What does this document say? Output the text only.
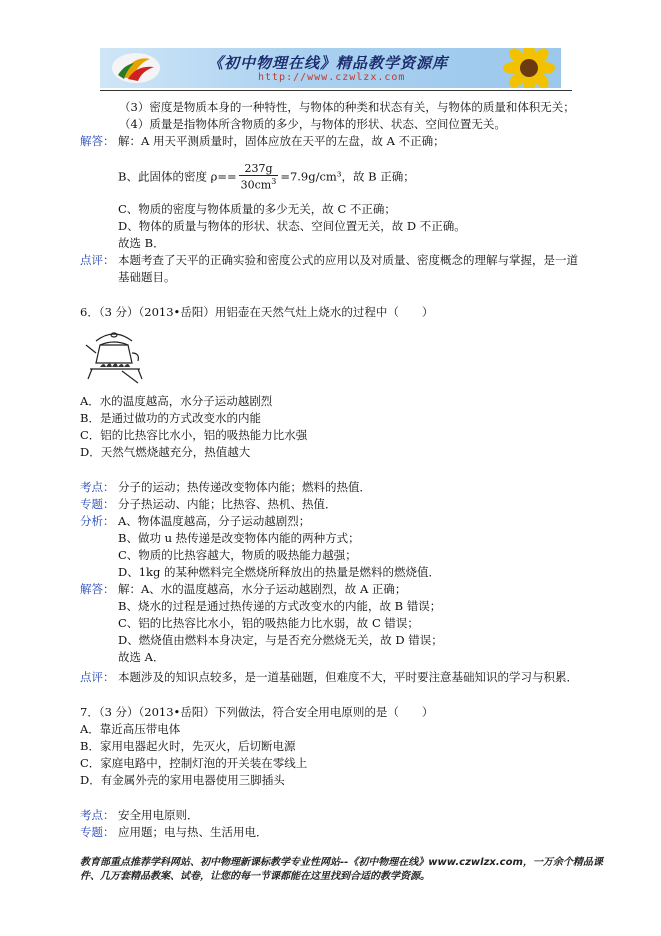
《初中物理在线》精品教学资源库
http://www.czwlzx.com
（3）密度是物质本身的一种特性，与物体的种类和状态有关，与物体的质量和体积无关；
（4）质量是指物体所含物质的多少，与物体的形状、状态、空间位置无关。
解答： 解：A 用天平测质量时，固体应放在天平的左盘，故 A 不正确；
B、此固体的密度 $\rho== \frac{237g}{30cm^3} =7.9g/cm^3$，故 B 正确；
C、物质的密度与物体质量的多少无关，故 C 不正确；
D、物体的质量与物体的形状、状态、空间位置无关，故 D 不正确。
故选 B．
点评： 本题考查了天平的正确实验和密度公式的应用以及对质量、密度概念的理解与掌握，是一道
基础题目。
6．（3 分）（2013•岳阳）用铝壶在天然气灶上烧水的过程中（　　）
A．水的温度越高，水分子运动越剧烈
B．是通过做功的方式改变水的内能
C．铝的比热容比水小，铝的吸热能力比水强
D．天然气燃烧越充分，热值越大
考点： 分子的运动；热传递改变物体内能；燃料的热值．
专题： 分子热运动、内能；比热容、热机、热值．
分析： A、物体温度越高，分子运动越剧烈；
B、做功 u 热传递是改变物体内能的两种方式；
C、物质的比热容越大，物质的吸热能力越强；
D、1kg 的某种燃料完全燃烧所释放出的热量是燃料的燃烧值．
解答： 解：A、水的温度越高，水分子运动越剧烈，故 A 正确；
B、烧水的过程是通过热传递的方式改变水的内能，故 B 错误；
C、铝的比热容比水小，铝的吸热能力比水弱，故 C 错误；
D、燃烧值由燃料本身决定，与是否充分燃烧无关，故 D 错误；
故选 A．
点评： 本题涉及的知识点较多，是一道基础题，但难度不大，平时要注意基础知识的学习与积累．
7．（3 分）（2013•岳阳）下列做法，符合安全用电原则的是（　　）
A．靠近高压带电体
B．家用电器起火时，先灭火，后切断电源
C．家庭电路中，控制灯泡的开关装在零线上
D．有金属外壳的家用电器使用三脚插头
考点： 安全用电原则．
专题： 应用题；电与热、生活用电．
教育部重点推荐学科网站、初中物理新课标教学专业性网站--《初中物理在线》www.czwlzx.com，一万余个精品课
件、几万套精品教案、试卷，让您的每一节课都能在这里找到合适的教学资源。
